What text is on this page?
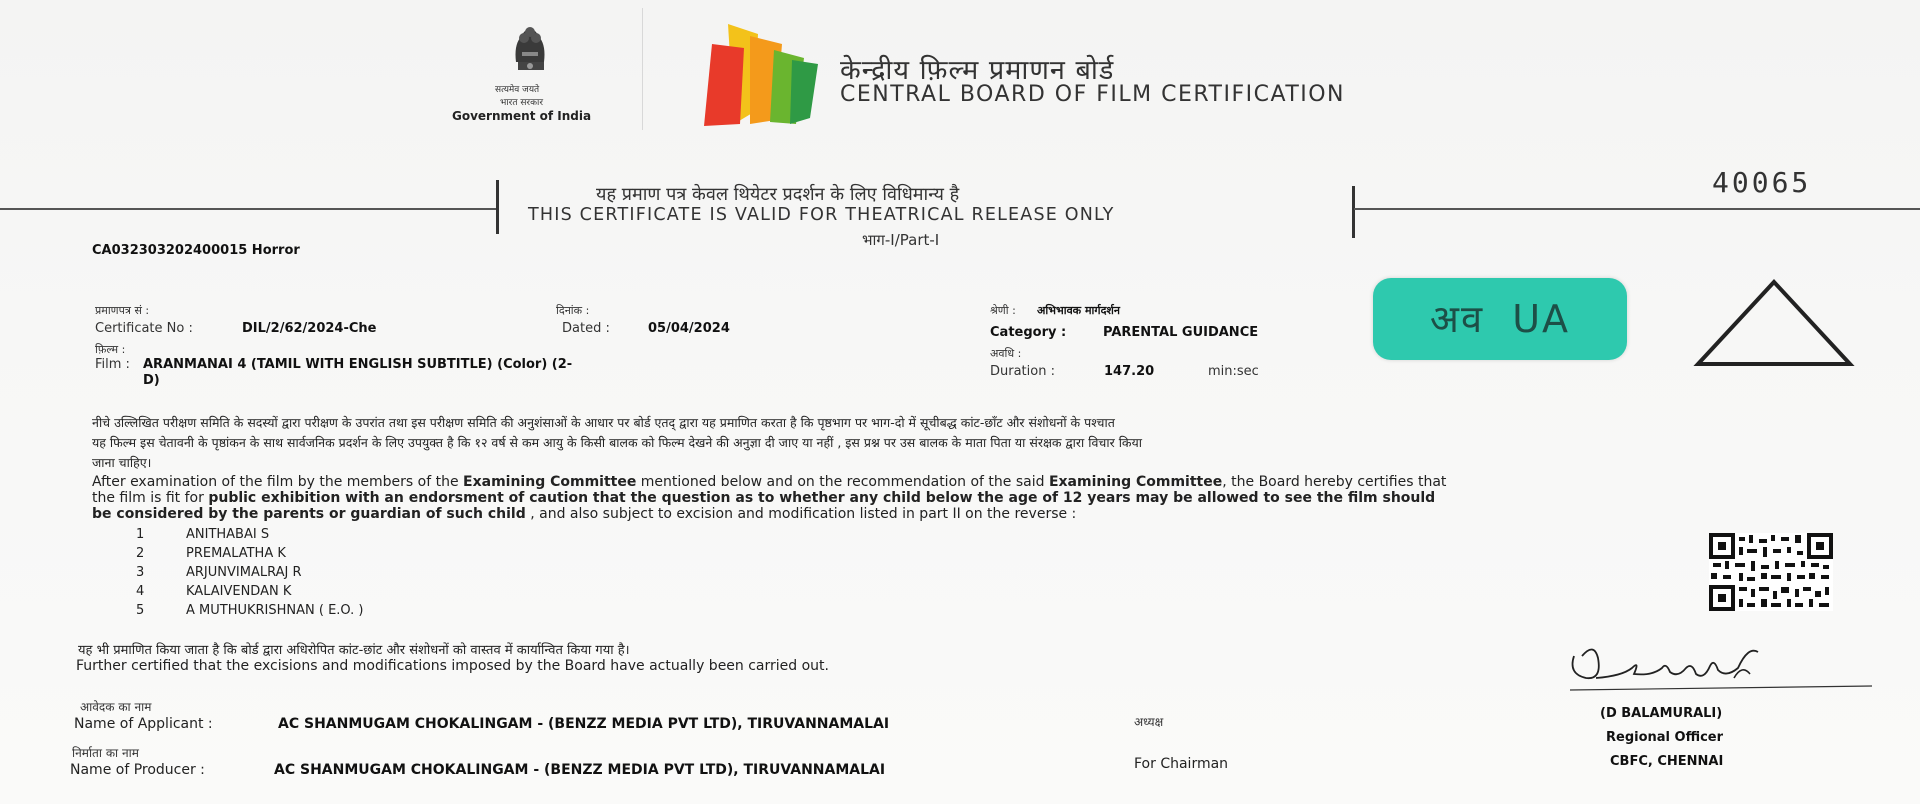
सत्यमेव जयते
भारत सरकार
Government of India
केन्द्रीय फ़िल्म प्रमाणन बोर्ड
CENTRAL BOARD OF FILM CERTIFICATION
40065
यह प्रमाण पत्र केवल थियेटर प्रदर्शन के लिए विधिमान्य है
THIS CERTIFICATE IS VALID FOR THEATRICAL RELEASE ONLY
भाग-I/Part-I
CA032303202400015 Horror
प्रमाणपत्र सं :
Certificate No :	DIL/2/62/2024-Che
दिनांक :
Dated :	05/04/2024
फ़िल्म :
Film : ARANMANAI 4 (TAMIL WITH ENGLISH SUBTITLE) (Color) (2-
D)
श्रेणी : अभिभावक मार्गदर्शन
Category :	PARENTAL GUIDANCE
अवधि :
Duration :	147.20	min:sec
अव  UA
नीचे उल्लिखित परीक्षण समिति के सदस्यों द्वारा परीक्षण के उपरांत तथा इस परीक्षण समिति की अनुशंसाओं के आधार पर बोर्ड एतद् द्वारा यह प्रमाणित करता है कि पृष्ठभाग पर भाग-दो में सूचीबद्ध कांट-छाँट और संशोधनों के पश्चात
यह फिल्म इस चेतावनी के पृष्ठांकन के साथ सार्वजनिक प्रदर्शन के लिए उपयुक्त है कि १२ वर्ष से कम आयु के किसी बालक को फिल्म देखने की अनुज्ञा दी जाए या नहीं , इस प्रश्न पर उस बालक के माता पिता या संरक्षक द्वारा विचार किया
जाना चाहिए।
After examination of the film by the members of the Examining Committee mentioned below and on the recommendation of the said Examining Committee, the Board hereby certifies that
the film is fit for public exhibition with an endorsment of caution that the question as to whether any child below the age of 12 years may be allowed to see the film should
be considered by the parents or guardian of such child , and also subject to excision and modification listed in part II on the reverse :
1	ANITHABAI S
2	PREMALATHA K
3	ARJUNVIMALRAJ R
4	KALAIVENDAN K
5	A MUTHUKRISHNAN ( E.O. )
यह भी प्रमाणित किया जाता है कि बोर्ड द्वारा अधिरोपित कांट-छांट और संशोधनों को वास्तव में कार्यान्वित किया गया है।
Further certified that the excisions and modifications imposed by the Board have actually been carried out.
आवेदक का नाम
Name of Applicant :	AC SHANMUGAM CHOKALINGAM - (BENZZ MEDIA PVT LTD), TIRUVANNAMALAI	अध्यक्ष
निर्माता का नाम
Name of Producer :	AC SHANMUGAM CHOKALINGAM - (BENZZ MEDIA PVT LTD), TIRUVANNAMALAI	For Chairman
(D BALAMURALI)
Regional Officer
CBFC, CHENNAI
